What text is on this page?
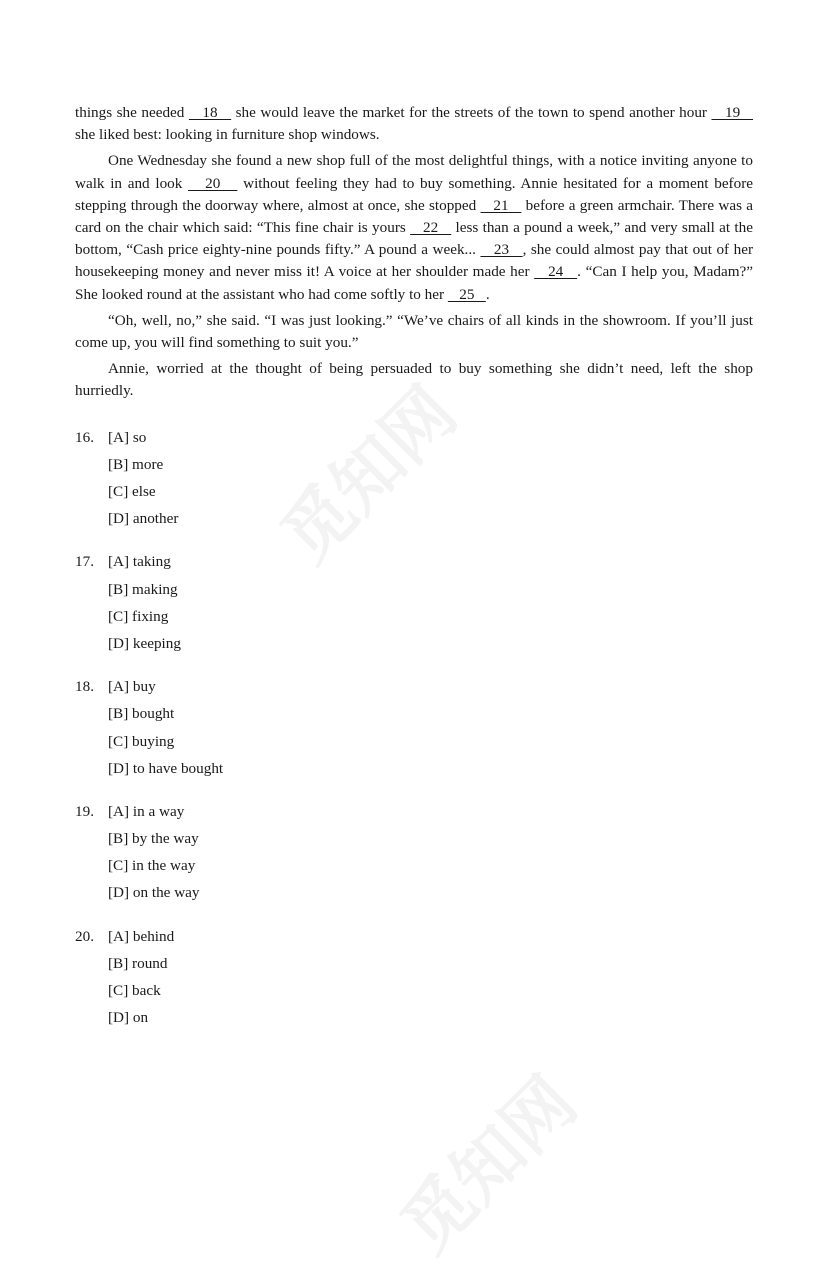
觅知网
觅知网

things she needed    18    she would leave the market for the streets of the town to spend another hour    19    she liked best: looking in furniture shop windows.

One Wednesday she found a new shop full of the most delightful things, with a notice inviting anyone to walk in and look    20    without feeling they had to buy something. Annie hesitated for a moment before stepping through the doorway where, almost at once, she stopped    21    before a green armchair. There was a card on the chair which said: “This fine chair is yours    22    less than a pound a week,” and very small at the bottom, “Cash price eighty-nine pounds fifty.” A pound a week...    23   , she could almost pay that out of her housekeeping money and never miss it! A voice at her shoulder made her    24   . “Can I help you, Madam?” She looked round at the assistant who had come softly to her    25   .

“Oh, well, no,” she said. “I was just looking.” “We’ve chairs of all kinds in the showroom. If you’ll just come up, you will find something to suit you.”

Annie, worried at the thought of being persuaded to buy something she didn’t need, left the shop hurriedly.

16. [A] so
[B] more
[C] else
[D] another
17. [A] taking
[B] making
[C] fixing
[D] keeping
18. [A] buy
[B] bought
[C] buying
[D] to have bought
19. [A] in a way
[B] by the way
[C] in the way
[D] on the way
20. [A] behind
[B] round
[C] back
[D] on
